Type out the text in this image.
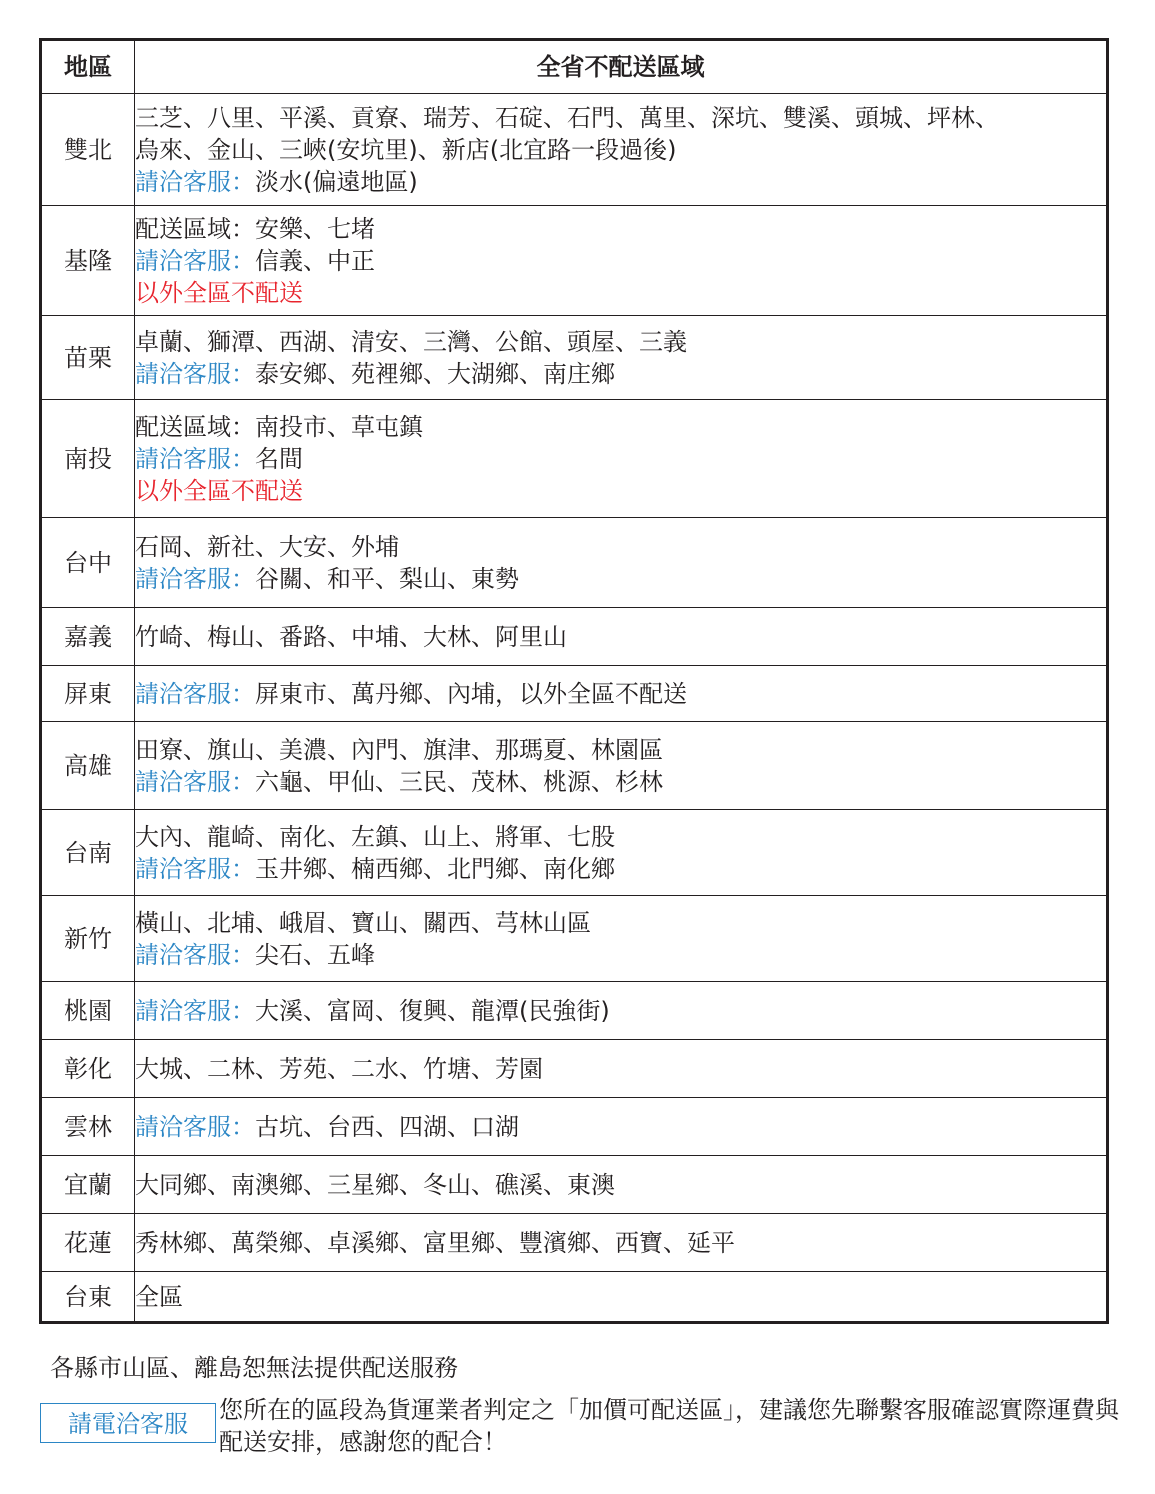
地區	全省不配送區域
雙北	三芝、八里、平溪、貢寮、瑞芳、石碇、石門、萬里、深坑、雙溪、頭城、坪林、
烏來、金山、三峽(安坑里)、新店(北宜路一段過後)
請洽客服：淡水(偏遠地區)

基隆	配送區域：安樂、七堵
請洽客服：信義、中正
以外全區不配送

苗栗	卓蘭、獅潭、西湖、清安、三灣、公館、頭屋、三義
請洽客服：泰安鄉、苑裡鄉、大湖鄉、南庄鄉

南投	配送區域：南投市、草屯鎮
請洽客服：名間
以外全區不配送

台中	石岡、新社、大安、外埔
請洽客服：谷關、和平、梨山、東勢

嘉義	竹崎、梅山、番路、中埔、大林、阿里山

屏東	請洽客服：屏東市、萬丹鄉、內埔，以外全區不配送

高雄	田寮、旗山、美濃、內門、旗津、那瑪夏、林園區
請洽客服：六龜、甲仙、三民、茂林、桃源、杉林

台南	大內、龍崎、南化、左鎮、山上、將軍、七股
請洽客服：玉井鄉、楠西鄉、北門鄉、南化鄉

新竹	橫山、北埔、峨眉、寶山、關西、芎林山區
請洽客服：尖石、五峰

桃園	請洽客服：大溪、富岡、復興、龍潭(民強街)

彰化	大城、二林、芳苑、二水、竹塘、芳園

雲林	請洽客服：古坑、台西、四湖、口湖

宜蘭	大同鄉、南澳鄉、三星鄉、冬山、礁溪、東澳

花蓮	秀林鄉、萬榮鄉、卓溪鄉、富里鄉、豐濱鄉、西寶、延平

台東	全區
各縣市山區、離島恕無法提供配送服務
請電洽客服	您所在的區段為貨運業者判定之「加價可配送區」，建議您先聯繫客服確認實際運費與配送安排，感謝您的配合！
